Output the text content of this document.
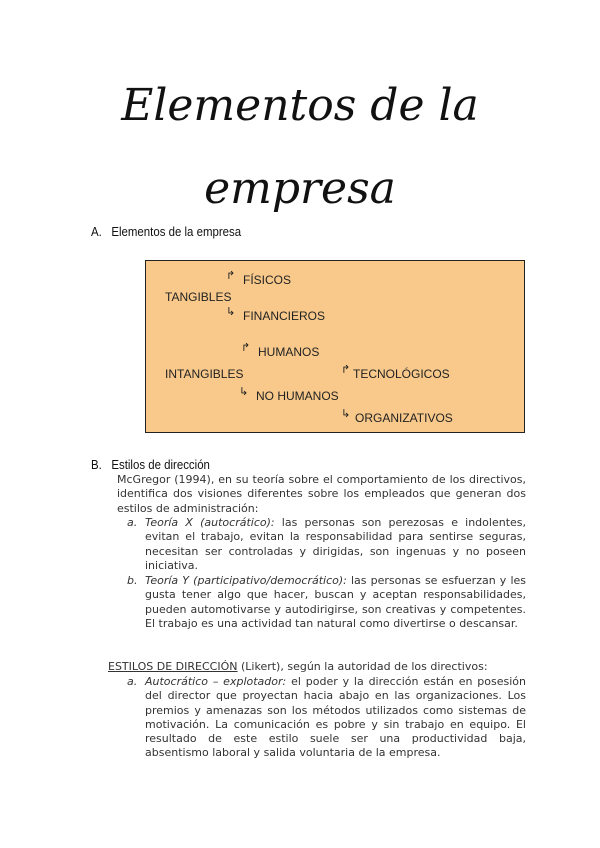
Elementos de la
empresa
A. Elementos de la empresa
↱ FÍSICOS
TANGIBLES
↳ FINANCIEROS
↱ HUMANOS
INTANGIBLES	↱ TECNOLÓGICOS
↳ NO HUMANOS
↳ ORGANIZATIVOS
B. Estilos de dirección

McGregor (1994), en su teoría sobre el comportamiento de los directivos, identifica dos visiones diferentes sobre los empleados que generan dos estilos de administración:

a. Teoría X (autocrático): las personas son perezosas e indolentes, evitan el trabajo, evitan la responsabilidad para sentirse seguras, necesitan ser controladas y dirigidas, son ingenuas y no poseen iniciativa.

b. Teoría Y (participativo/democrático): las personas se esfuerzan y les gusta tener algo que hacer, buscan y aceptan responsabilidades, pueden automotivarse y autodirigirse, son creativas y competentes. El trabajo es una actividad tan natural como divertirse o descansar.

ESTILOS DE DIRECCIÓN (Likert), según la autoridad de los directivos:

a. Autocrático – explotador: el poder y la dirección están en posesión del director que proyectan hacia abajo en las organizaciones. Los premios y amenazas son los métodos utilizados como sistemas de motivación. La comunicación es pobre y sin trabajo en equipo. El resultado de este estilo suele ser una productividad baja, absentismo laboral y salida voluntaria de la empresa.
